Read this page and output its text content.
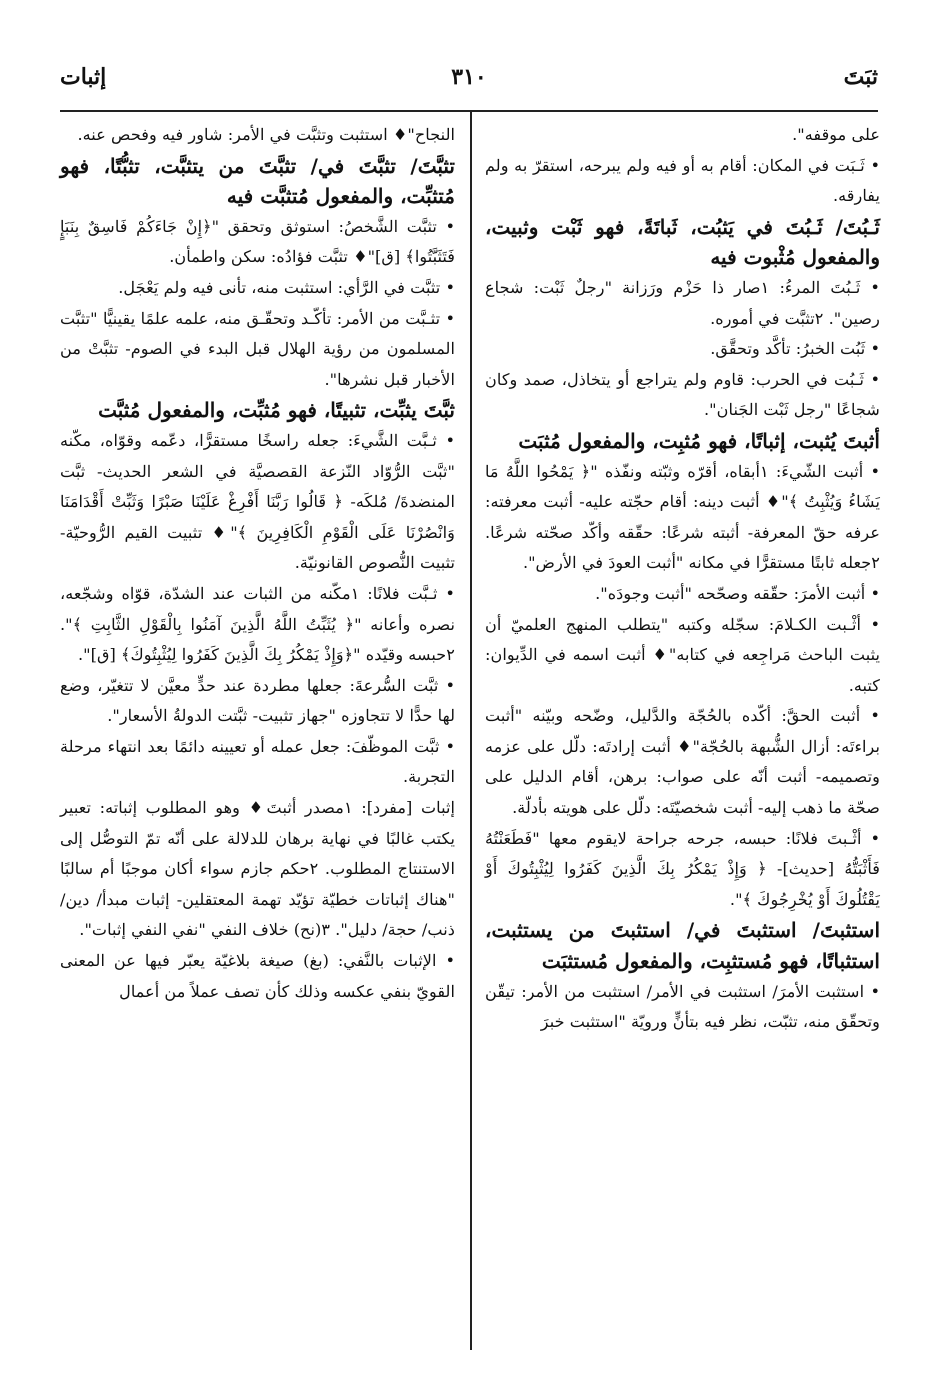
ثبَتَ
٣١٠
إثبات

على موقفه".

• ثَـبَت في المكان: أقام به أو فيه ولم يبرحه، استقرّ به ولم يفارقه.

ثَـبُتَ/ ثَـبُتَ في يَثبُت، ثَباتَةً، فهو ثَبْت وثبيت، والمفعول مُثْبوت فيه

• ثَـبُتَ المرءُ: ١صار ذا حَزْم ورَزانة "رجلٌ ثَبْت: شجاع رصين". ٢تثبَّت في أموره.

• ثَبُت الخبرُ: تأكَّد وتحقَّق.

• ثَـبُت في الحرب: قاوم ولم يتراجع أو يتخاذل، صمد وكان شجاعًا "رجل ثَبْت الجَنان".

أثبتَ يُثبت، إثباتًا، فهو مُثبِت، والمفعول مُثبَت

• أثبت الشّيءَ: ١أبقاه، أقرّه وثبّته ونفّذه "﴿ يَمْحُوا اللَّهُ مَا يَشَاءُ وَيُثْبِتُ ﴾"♦ أثبت دينه: أقام حجّته عليه- أثبت معرفته: عرفه حقّ المعرفة- أثبته شرعًا: حقّقه وأكّد صحّته شرعًا. ٢جعله ثابتًا مستقرًّا في مكانه "أثبت العودَ في الأرض".

• أثبت الأمرَ: حقّقه وصحّحه "أثبت وجودَه".

• أثْـبت الكـلامَ: سجّله وكتبه "يتطلب المنهج العلميّ أن يثبت الباحث مَراجِعه في كتابه"♦ أثبت اسمه في الدِّيوان: كتبه.

• أثبت الحقَّ: أكّده بالحُجّة والدَّليل، وضّحه وبيّنه "أثبت براءتَه: أزال الشُّبهة بالحُجّة"♦ أثبت إرادتَه: دلّل على عزمه وتصميمه- أثبت أنّه على صواب: برهن، أقام الدليل على صحّة ما ذهب إليه- أثبت شخصيّتَه: دلّل على هويته بأدلّة.

• أثْـبتَ فلانًا: حبسه، جرحه جراحة لايقوم معها "فَطَعَنْتُهُ فَأَثْبَتُّهُ [حديث]- ﴿ وَإِذْ يَمْكُرُ بِكَ الَّذِينَ كَفَرُوا لِيُثْبِتُوكَ أَوْ يَقْتُلُوكَ أَوْ يُخْرِجُوكَ ﴾".

استثبتَ/ استثبتَ في/ استثبتَ من يستثبت، استثباتًا، فهو مُستثبِت، والمفعول مُستثبَت

• استثبت الأمرَ/ استثبت في الأمر/ استثبت من الأمر: تيقّن وتحقّق منه، تثبّت، نظر فيه بتأنٍّ ورويّة "استثبت خبرَ

النجاح"♦ استثبت وتثبَّت في الأمر: شاور فيه وفحص عنه.

تثبَّتَ/ تثبَّتَ في/ تثبَّتَ من يتثبَّت، تثبُّتًا، فهو مُتثبِّت، والمفعول مُتثبَّت فيه

• تثبَّت الشَّخصُ: استوثق وتحقق "﴿إِنْ جَاءَكُمْ فَاسِقٌ بِنَبَإٍ فَتَثَبَّتُوا﴾ [ق]"♦ تثبَّت فؤادُه: سكن واطمأن.

• تثبَّت في الرَّأي: استثبت منه، تأنى فيه ولم يَعْجَل.

• تثـبَّت من الأمر: تأكّـد وتحقّـق منه، علمه علمًا يقينيًّا "تثبَّت المسلمون من رؤية الهلال قبل البدء في الصوم- تثبَّتْ من الأخبار قبل نشرها".

ثبَّتَ يثبِّت، تثبيتًا، فهو مُثبِّت، والمفعول مُثبَّت

• ثـبَّت الشَّيءَ: جعله راسخًا مستقرًّا، دعّمه وقوّاه، مكّنه "ثبَّت الرُّوّاد النّزعة القصصيَّة في الشعر الحديث- ثبَّت المنضدةَ/ مُلكَه- ﴿ قَالُوا رَبَّنَا أَفْرِغْ عَلَيْنَا صَبْرًا وَثَبِّتْ أَقْدَامَنَا وَانْصُرْنَا عَلَى الْقَوْمِ الْكَافِرِينَ ﴾"♦ تثبيت القيم الرُّوحيّة- تثبيت النُّصوص القانونيّة.

• ثـبَّت فلانًا: ١مكّنه من الثبات عند الشدّة، قوّاه وشجّعه، نصره وأعانه "﴿ يُثَبِّتُ اللَّهُ الَّذِينَ آمَنُوا بِالْقَوْلِ الثَّابِتِ ﴾". ٢حبسه وقيّده "﴿وَإِذْ يَمْكُرُ بِكَ الَّذِينَ كَفَرُوا لِيُثْبِتُوكَ﴾ [ق]".

• ثبَّت السُّرعةَ: جعلها مطردة عند حدٍّ معيَّن لا تتغيّر، وضع لها حدًّا لا تتجاوزه "جهاز تثبيت- ثبَّتت الدولةُ الأسعار".

• ثبَّت الموظّفَ: جعل عمله أو تعيينه دائمًا بعد انتهاء مرحلة التجربة.

إثبات [مفرد]: ١مصدر أثبتَ♦ وهو المطلوب إثباته: تعبير يكتب غالبًا في نهاية برهان للدلالة على أنّه تمّ التوصُّل إلى الاستنتاج المطلوب. ٢حكم جازم سواء أكان موجبًا أم سالبًا "هناك إثباتات خطيّة تؤيّد تهمة المعتقلين- إثبات مبدأ/ دين/ ذنب/ حجة/ دليل". ٣(نح) خلاف النفي "نفي النفي إثبات".

• الإثبات بالنَّفي: (بغ) صيغة بلاغيّة يعبّر فيها عن المعنى القويّ بنفي عكسه وذلك كأن تصف عملاً من أعمال
